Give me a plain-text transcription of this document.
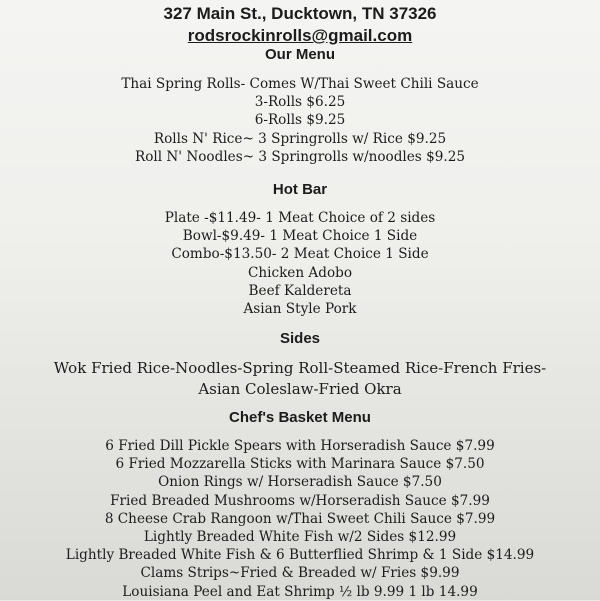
327 Main St., Ducktown, TN 37326
rodsrockinrolls@gmail.com
Our Menu
Thai Spring Rolls- Comes W/Thai Sweet Chili Sauce
3-Rolls $6.25
6-Rolls $9.25
Rolls N' Rice~ 3 Springrolls w/ Rice $9.25
Roll N' Noodles~ 3 Springrolls w/noodles $9.25
Hot Bar
Plate -$11.49- 1 Meat Choice of 2 sides
Bowl-$9.49- 1 Meat Choice 1 Side
Combo-$13.50- 2 Meat Choice 1 Side
Chicken Adobo
Beef Kaldereta
Asian Style Pork
Sides
Wok Fried Rice-Noodles-Spring Roll-Steamed Rice-French Fries-
Asian Coleslaw-Fried Okra
Chef's Basket Menu
6 Fried Dill Pickle Spears with Horseradish Sauce $7.99
6 Fried Mozzarella Sticks with Marinara Sauce $7.50
Onion Rings w/ Horseradish Sauce $7.50
Fried Breaded Mushrooms w/Horseradish Sauce $7.99
8 Cheese Crab Rangoon w/Thai Sweet Chili Sauce $7.99
Lightly Breaded White Fish w/2 Sides $12.99
Lightly Breaded White Fish & 6 Butterflied Shrimp & 1 Side $14.99
Clams Strips~Fried & Breaded w/ Fries $9.99
Louisiana Peel and Eat Shrimp ½ lb 9.99 1 lb 14.99
